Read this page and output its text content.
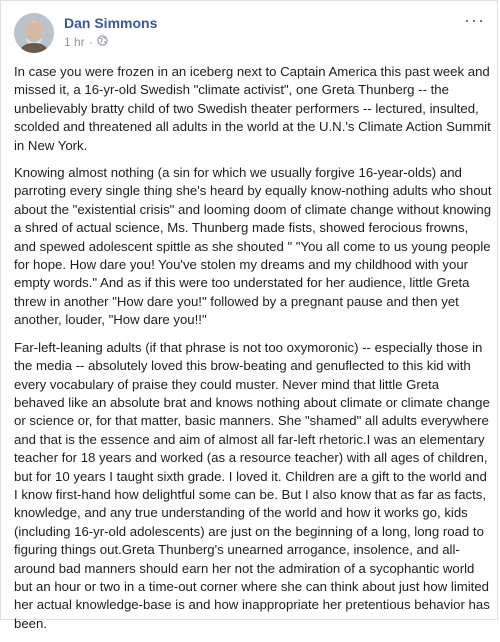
Dan Simmons
1 hr ·
···

In case you were frozen in an iceberg next to Captain America this past week and missed it, a 16-yr-old Swedish "climate activist", one Greta Thunberg -- the unbelievably bratty child of two Swedish theater performers -- lectured, insulted, scolded and threatened all adults in the world at the U.N.'s Climate Action Summit in New York.

Knowing almost nothing (a sin for which we usually forgive 16-year-olds) and parroting every single thing she's heard by equally know-nothing adults who shout about the "existential crisis" and looming doom of climate change without knowing a shred of actual science, Ms. Thunberg made fists, showed ferocious frowns, and spewed adolescent spittle as she shouted " "You all come to us young people for hope. How dare you! You've stolen my dreams and my childhood with your empty words." And as if this were too understated for her audience, little Greta threw in another "How dare you!" followed by a pregnant pause and then yet another, louder, "How dare you!!"

Far-left-leaning adults (if that phrase is not too oxymoronic) -- especially those in the media -- absolutely loved this brow-beating and genuflected to this kid with every vocabulary of praise they could muster. Never mind that little Greta behaved like an absolute brat and knows nothing about climate or climate change or science or, for that matter, basic manners. She "shamed" all adults everywhere and that is the essence and aim of almost all far-left rhetoric.I was an elementary teacher for 18 years and worked (as a resource teacher) with all ages of children, but for 10 years I taught sixth grade. I loved it. Children are a gift to the world and I know first-hand how delightful some can be. But I also know that as far as facts, knowledge, and any true understanding of the world and how it works go, kids (including 16-yr-old adolescents) are just on the beginning of a long, long road to figuring things out.Greta Thunberg's unearned arrogance, insolence, and all-around bad manners should earn her not the admiration of a sycophantic world but an hour or two in a time-out corner where she can think about just how limited her actual knowledge-base is and how inappropriate her pretentious behavior has been.
